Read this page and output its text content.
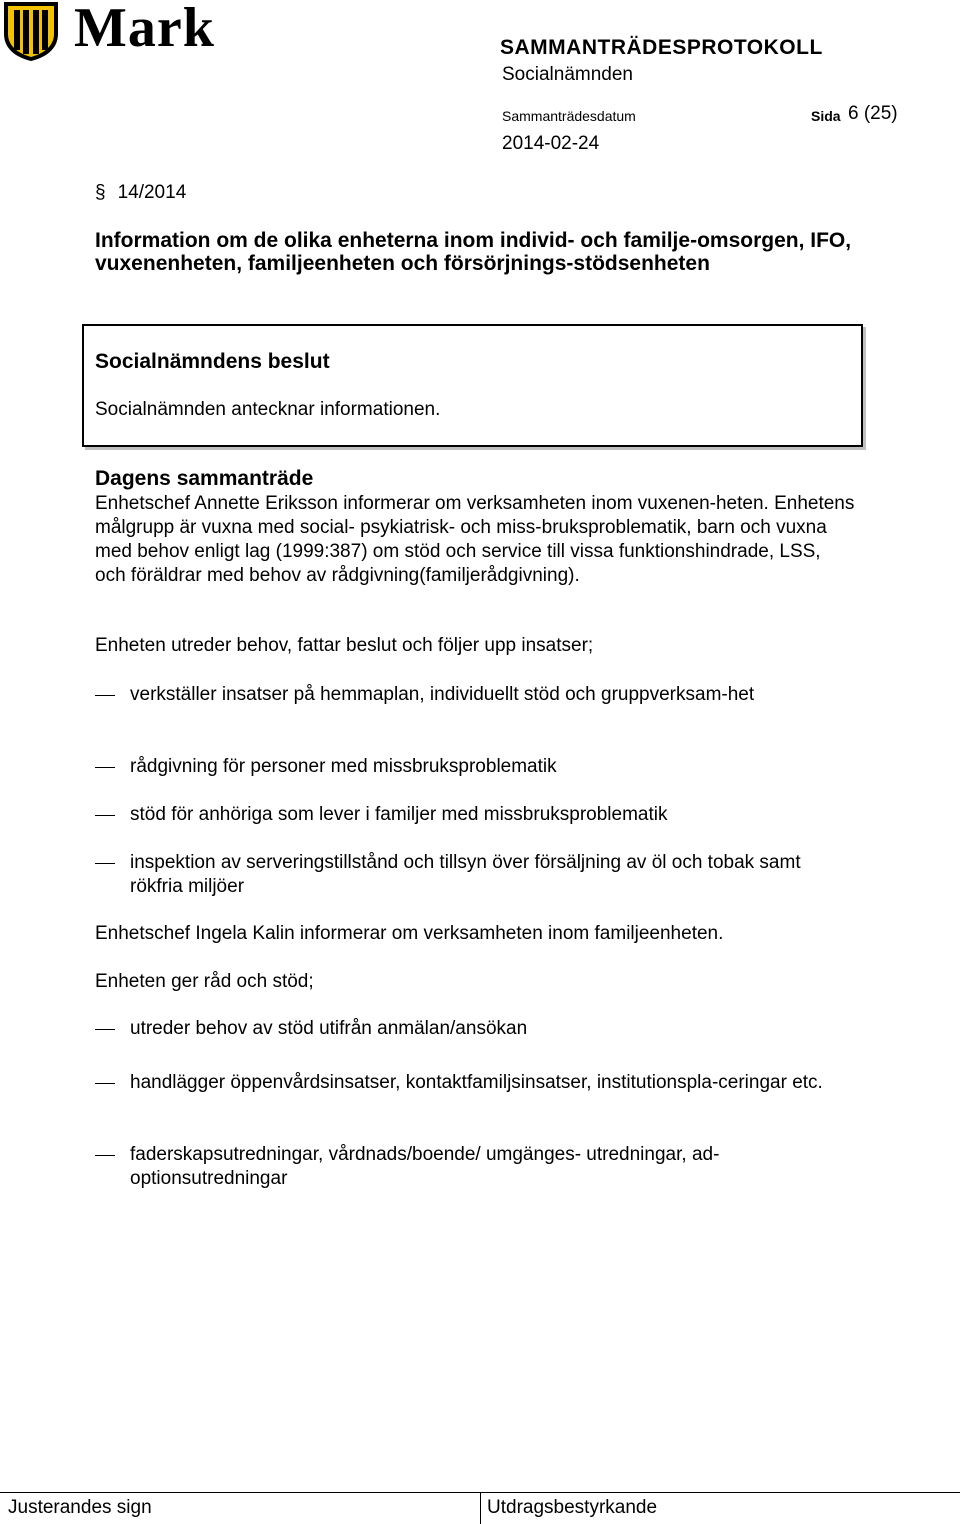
Mark	SAMMANTRÄDESPROTOKOLL
Socialnämnden
Sammanträdesdatum	Sida 6 (25)
2014-02-24
§ 14/2014
Information om de olika enheterna inom individ- och familje-omsorgen, IFO, vuxenenheten, familjeenheten och försörjnings-stödsenheten
Socialnämndens beslut
Socialnämnden antecknar informationen.
Dagens sammanträde
Enhetschef Annette Eriksson informerar om verksamheten inom vuxenen-heten. Enhetens målgrupp är vuxna med social- psykiatrisk- och miss-bruksproblematik, barn och vuxna med behov enligt lag (1999:387) om stöd och service till vissa funktionshindrade, LSS, och föräldrar med behov av rådgivning(familjerådgivning).
Enheten utreder behov, fattar beslut och följer upp insatser;
verkställer insatser på hemmaplan, individuellt stöd och gruppverksam-het
rådgivning för personer med missbruksproblematik
stöd för anhöriga som lever i familjer med missbruksproblematik
inspektion av serveringstillstånd och tillsyn över försäljning av öl och tobak samt rökfria miljöer
Enhetschef Ingela Kalin informerar om verksamheten inom familjeenheten.
Enheten ger råd och stöd;
utreder behov av stöd utifrån anmälan/ansökan
handlägger öppenvårdsinsatser, kontaktfamiljsinsatser, institutionspla-ceringar etc.
faderskapsutredningar, vårdnads/boende/ umgänges- utredningar, ad-optionsutredningar
Justerandes sign	Utdragsbestyrkande
